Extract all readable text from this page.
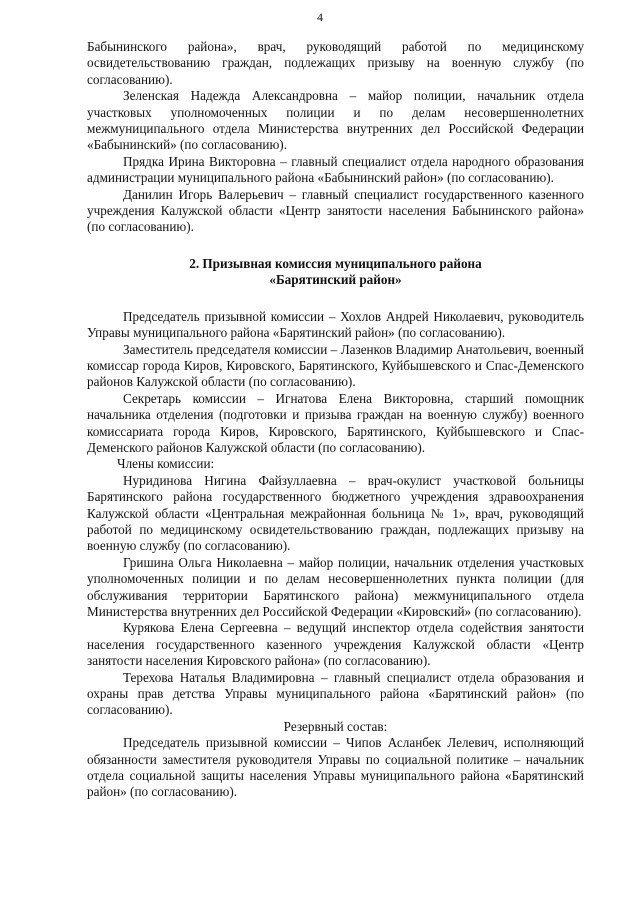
4

Бабынинского района», врач, руководящий работой по медицинскому освидетельствованию граждан, подлежащих призыву на военную службу (по согласованию).

Зеленская Надежда Александровна – майор полиции, начальник отдела участковых уполномоченных полиции и по делам несовершеннолетних межмуниципального отдела Министерства внутренних дел Российской Федерации «Бабынинский» (по согласованию).

Прядка Ирина Викторовна – главный специалист отдела народного образования администрации муниципального района «Бабынинский район» (по согласованию).

Данилин Игорь Валерьевич – главный специалист государственного казенного учреждения Калужской области «Центр занятости населения Бабынинского района» (по согласованию).

2. Призывная комиссия муниципального района

«Барятинский район»

Председатель призывной комиссии – Хохлов Андрей Николаевич, руководитель Управы муниципального района «Барятинский район» (по согласованию).

Заместитель председателя комиссии – Лазенков Владимир Анатольевич, военный комиссар города Киров, Кировского, Барятинского, Куйбышевского и Спас-Деменского районов Калужской области (по согласованию).

Секретарь комиссии – Игнатова Елена Викторовна, старший помощник начальника отделения (подготовки и призыва граждан на военную службу) военного комиссариата города Киров, Кировского, Барятинского, Куйбышевского и Спас-Деменского районов Калужской области (по согласованию).

Члены комиссии:

Нуридинова Нигина Файзуллаевна – врач-окулист участковой больницы Барятинского района государственного бюджетного учреждения здравоохранения Калужской области «Центральная межрайонная больница № 1», врач, руководящий работой по медицинскому освидетельствованию граждан, подлежащих призыву на военную службу (по согласованию).

Гришина Ольга Николаевна – майор полиции, начальник отделения участковых уполномоченных полиции и по делам несовершеннолетних пункта полиции (для обслуживания территории Барятинского района) межмуниципального отдела Министерства внутренних дел Российской Федерации «Кировский» (по согласованию).

Курякова Елена Сергеевна – ведущий инспектор отдела содействия занятости населения государственного казенного учреждения Калужской области «Центр занятости населения Кировского района» (по согласованию).

Терехова Наталья Владимировна – главный специалист отдела образования и охраны прав детства Управы муниципального района «Барятинский район» (по согласованию).

Резервный состав:

Председатель призывной комиссии – Чипов Асланбек Лелевич, исполняющий обязанности заместителя руководителя Управы по социальной политике – начальник отдела социальной защиты населения Управы муниципального района «Барятинский район» (по согласованию).
